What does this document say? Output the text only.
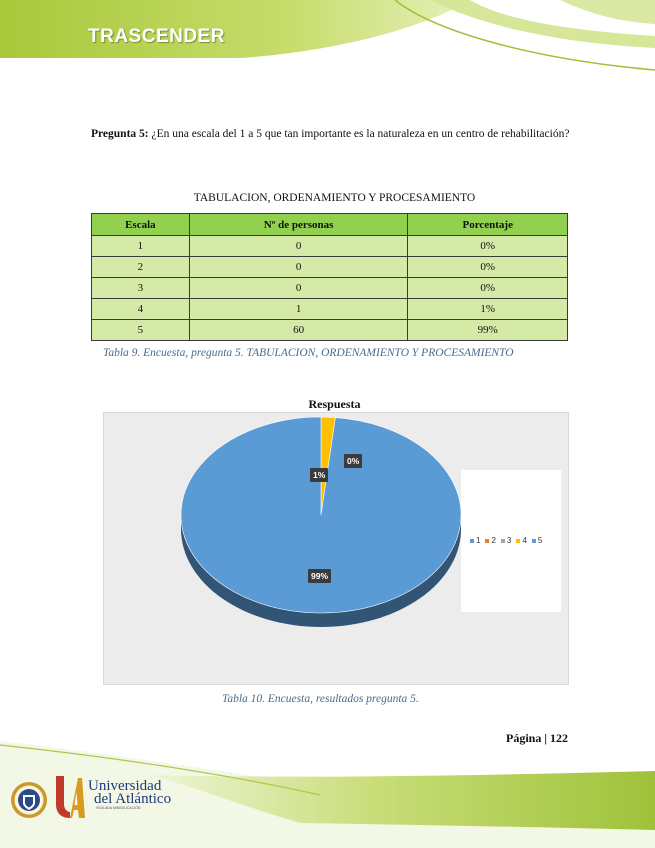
TRASCENDER
Pregunta 5: ¿En una escala del 1 a 5 que tan importante es la naturaleza en un centro de rehabilitación?
TABULACION, ORDENAMIENTO Y PROCESAMIENTO
Escala	Nº de personas	Porcentaje
1	0	0%
2	0	0%
3	0	0%
4	1	1%
5	60	99%
Tabla 9. Encuesta, pregunta 5. TABULACION, ORDENAMIENTO Y PROCESAMIENTO
Respuesta
1 2 3 4 5
0%
1%
99%
Tabla 10. Encuesta, resultados pregunta 5.
Página | 122
Universidad
del Atlántico
VIGILADA MINEDUCACIÓN
